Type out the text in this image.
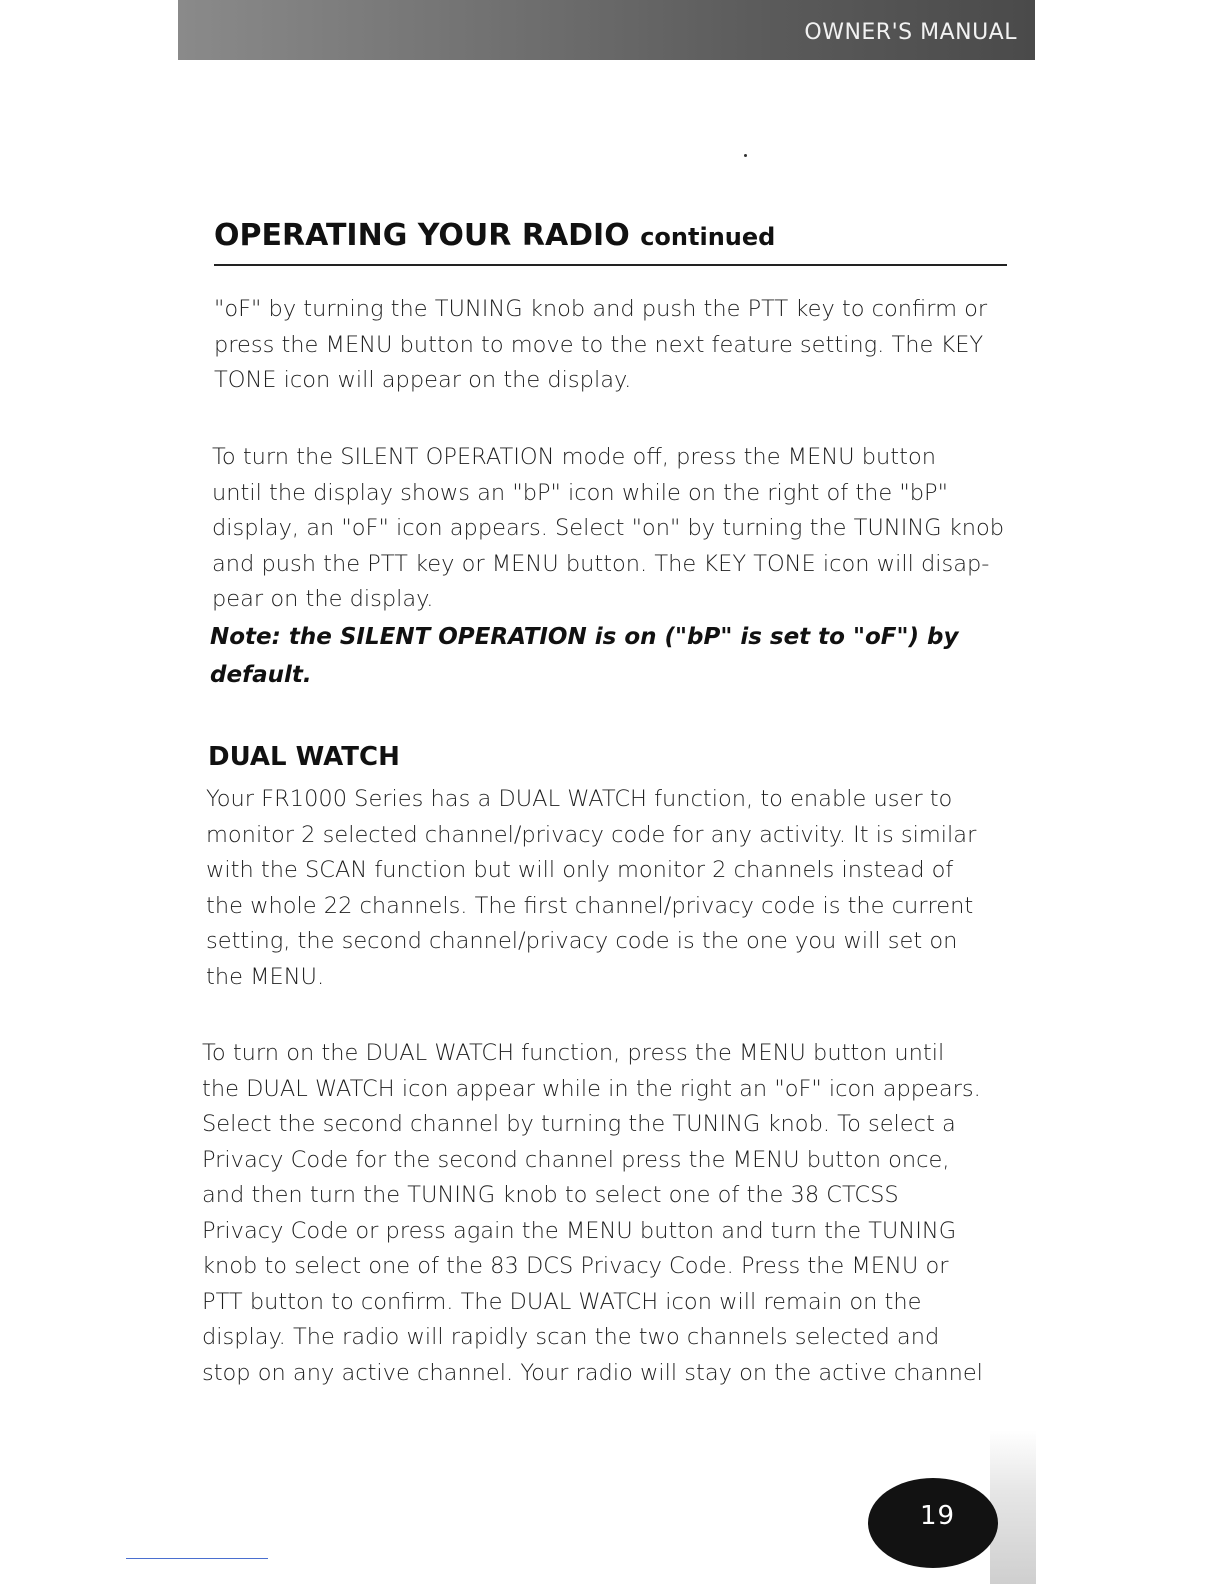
OWNER'S MANUAL
OPERATING YOUR RADIO continued

"oF" by turning the TUNING knob and push the PTT key to confirm or
press the MENU button to move to the next feature setting. The KEY
TONE icon will appear on the display.

To turn the SILENT OPERATION mode off, press the MENU button
until the display shows an "bP" icon while on the right of the "bP"
display, an "oF" icon appears. Select "on" by turning the TUNING knob
and push the PTT key or MENU button. The KEY TONE icon will disap-
pear on the display.

Note: the SILENT OPERATION is on ("bP" is set to "oF") by
default.

DUAL WATCH

Your FR1000 Series has a DUAL WATCH function, to enable user to
monitor 2 selected channel/privacy code for any activity. It is similar
with the SCAN function but will only monitor 2 channels instead of
the whole 22 channels. The first channel/privacy code is the current
setting, the second channel/privacy code is the one you will set on
the MENU.

To turn on the DUAL WATCH function, press the MENU button until
the DUAL WATCH icon appear while in the right an "oF" icon appears.
Select the second channel by turning the TUNING knob. To select a
Privacy Code for the second channel press the MENU button once,
and then turn the TUNING knob to select one of the 38 CTCSS
Privacy Code or press again the MENU button and turn the TUNING
knob to select one of the 83 DCS Privacy Code. Press the MENU or
PTT button to confirm. The DUAL WATCH icon will remain on the
display. The radio will rapidly scan the two channels selected and
stop on any active channel. Your radio will stay on the active channel

19
